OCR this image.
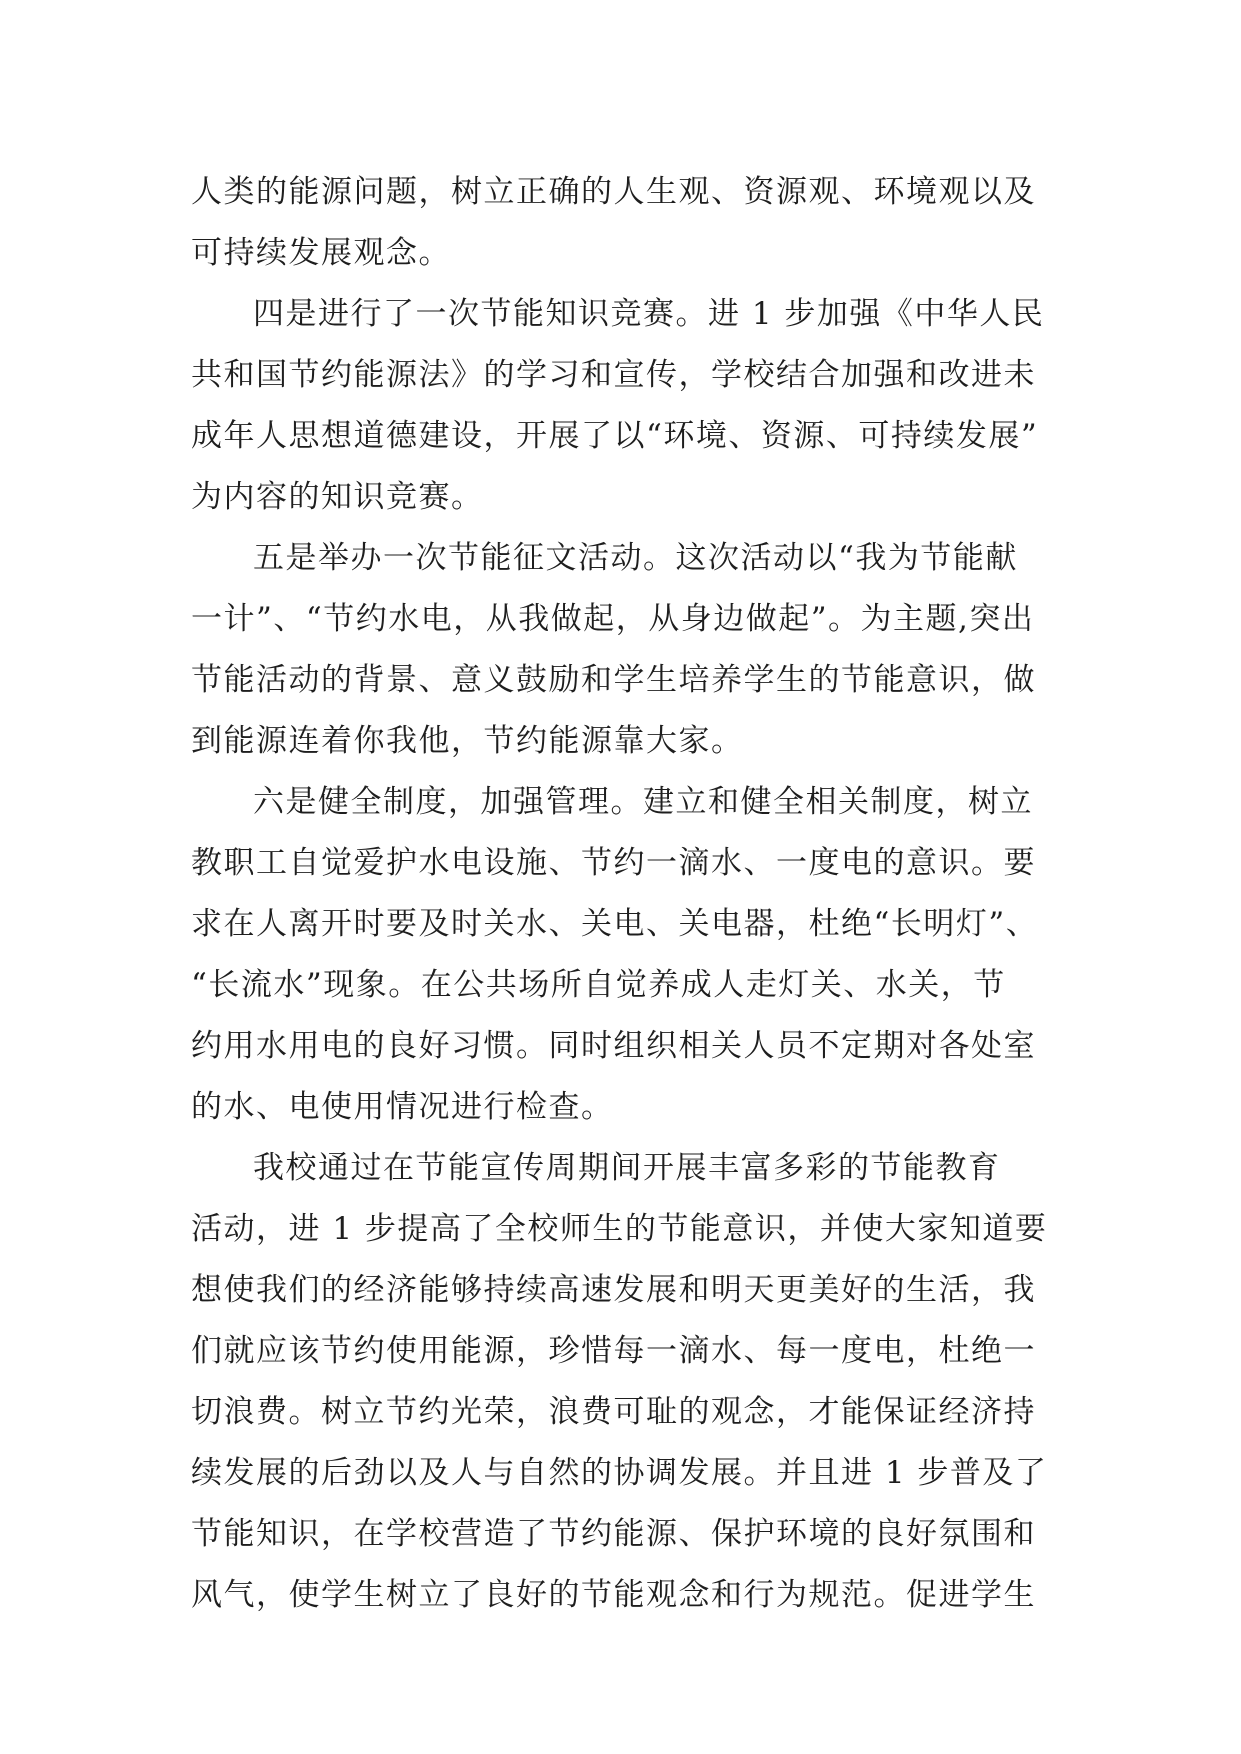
人类的能源问题，树立正确的人生观、资源观、环境观以及
可持续发展观念。
四是进行了一次节能知识竞赛。进 1 步加强《中华人民
共和国节约能源法》的学习和宣传，学校结合加强和改进未
成年人思想道德建设，开展了以“环境、资源、可持续发展”
为内容的知识竞赛。
五是举办一次节能征文活动。这次活动以“我为节能献
一计”、“节约水电，从我做起，从身边做起”。为主题,突出
节能活动的背景、意义鼓励和学生培养学生的节能意识，做
到能源连着你我他，节约能源靠大家。
六是健全制度，加强管理。建立和健全相关制度，树立
教职工自觉爱护水电设施、节约一滴水、一度电的意识。要
求在人离开时要及时关水、关电、关电器，杜绝“长明灯”、
“长流水”现象。在公共场所自觉养成人走灯关、水关，节
约用水用电的良好习惯。同时组织相关人员不定期对各处室
的水、电使用情况进行检查。
我校通过在节能宣传周期间开展丰富多彩的节能教育
活动，进 1 步提高了全校师生的节能意识，并使大家知道要
想使我们的经济能够持续高速发展和明天更美好的生活，我
们就应该节约使用能源，珍惜每一滴水、每一度电，杜绝一
切浪费。树立节约光荣，浪费可耻的观念，才能保证经济持
续发展的后劲以及人与自然的协调发展。并且进 1 步普及了
节能知识，在学校营造了节约能源、保护环境的良好氛围和
风气，使学生树立了良好的节能观念和行为规范。促进学生
